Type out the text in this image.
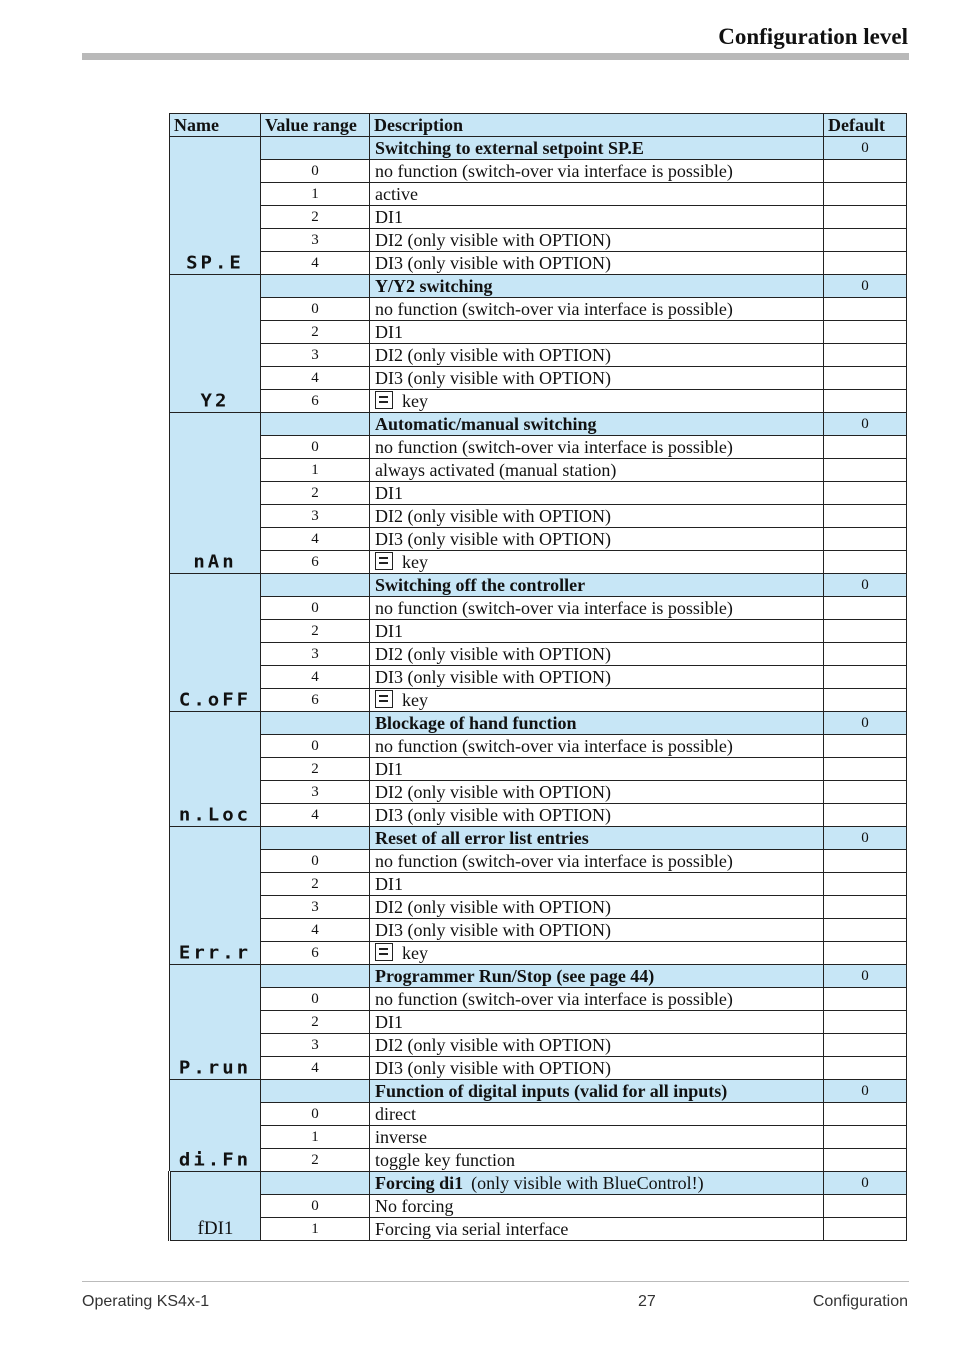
Configuration level
Name	Value range	Description	Default
SP.E		Switching to external setpoint SP.E	0
	0	no function (switch-over via interface is possible)	
	1	active	
	2	DI1	
	3	DI2 (only visible with OPTION)	
	4	DI3 (only visible with OPTION)	
Y2		Y/Y2 switching	0
	0	no function (switch-over via interface is possible)	
	2	DI1	
	3	DI2 (only visible with OPTION)	
	4	DI3 (only visible with OPTION)	
	6	key	
nAn		Automatic/manual switching	0
	0	no function (switch-over via interface is possible)	
	1	always activated (manual station)	
	2	DI1	
	3	DI2 (only visible with OPTION)	
	4	DI3 (only visible with OPTION)	
	6	key	
C.oFF		Switching off the controller	0
	0	no function (switch-over via interface is possible)	
	2	DI1	
	3	DI2 (only visible with OPTION)	
	4	DI3 (only visible with OPTION)	
	6	key	
n.Loc		Blockage of hand function	0
	0	no function (switch-over via interface is possible)	
	2	DI1	
	3	DI2 (only visible with OPTION)	
	4	DI3 (only visible with OPTION)	
Err.r		Reset of all error list entries	0
	0	no function (switch-over via interface is possible)	
	2	DI1	
	3	DI2 (only visible with OPTION)	
	4	DI3 (only visible with OPTION)	
	6	key	
P.run		Programmer Run/Stop (see page 44)	0
	0	no function (switch-over via interface is possible)	
	2	DI1	
	3	DI2 (only visible with OPTION)	
	4	DI3 (only visible with OPTION)	
di.Fn		Function of digital inputs (valid for all inputs)	0
	0	direct	
	1	inverse	
	2	toggle key function	
fDI1		Forcing di1 (only visible with BlueControl!)	0
	0	No forcing	
	1	Forcing via serial interface	
Operating KS4x-1	27	Configuration
